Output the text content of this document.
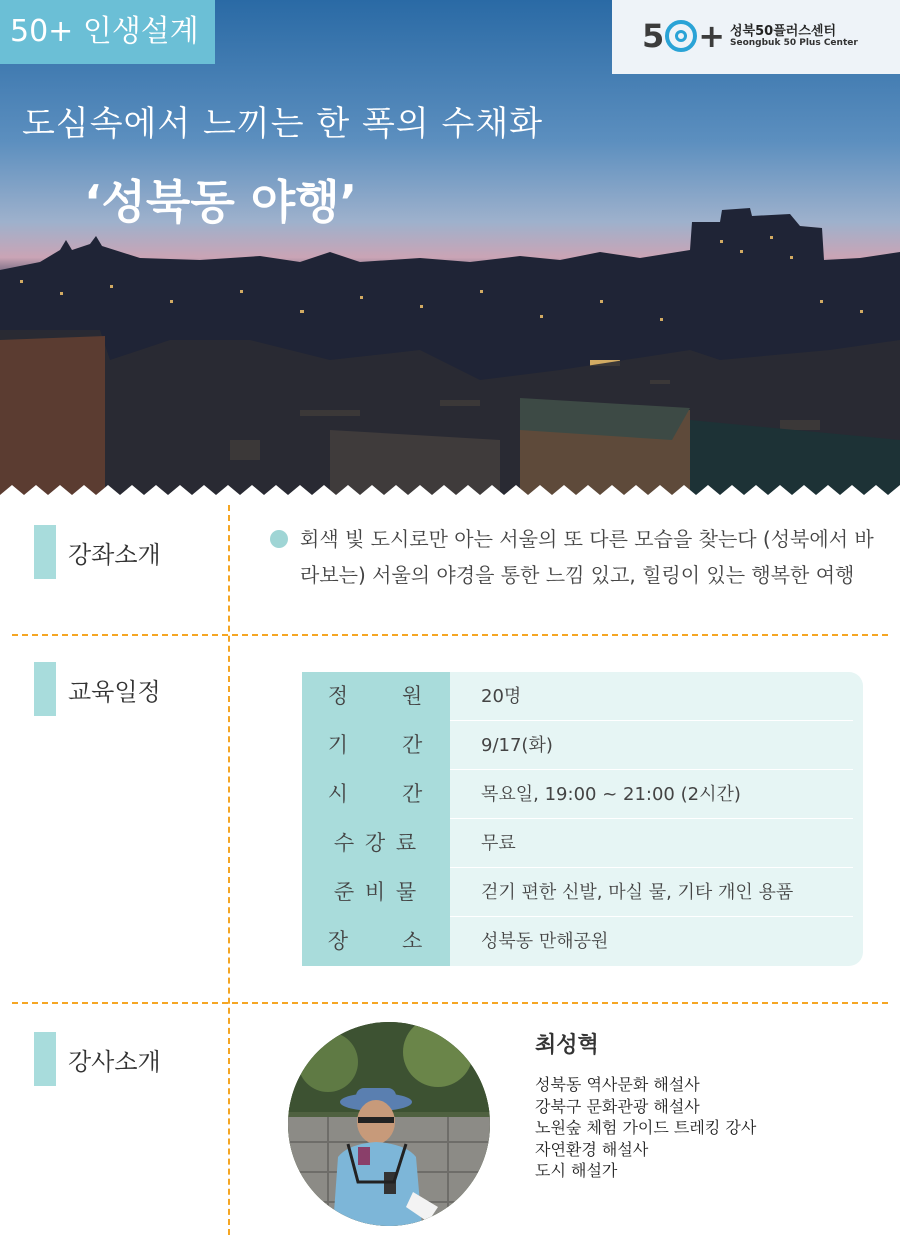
50+ 인생설계	5 + 성북50플러스센터
Seongbuk 50 Plus Center
도심속에서 느끼는 한 폭의 수채화
‘성북동 야행’
강좌소개

회색 빛 도시로만 아는 서울의 또 다른 모습을 찾는다 (성북에서 바라보는) 서울의 야경을 통한 느낌 있고, 힐링이 있는 행복한 여행

교육일정	정      원	20명
기      간	9/17(화)
시      간	목요일, 19:00 ~ 21:00 (2시간)
수 강 료	무료
준 비 물	걷기 편한 신발, 마실 물, 기타 개인 용품
장      소	성북동 만해공원
강사소개
최성혁
성북동 역사문화 해설사
강북구 문화관광 해설사
노원숲 체험 가이드 트레킹 강사
자연환경 해설사
도시 해설가
